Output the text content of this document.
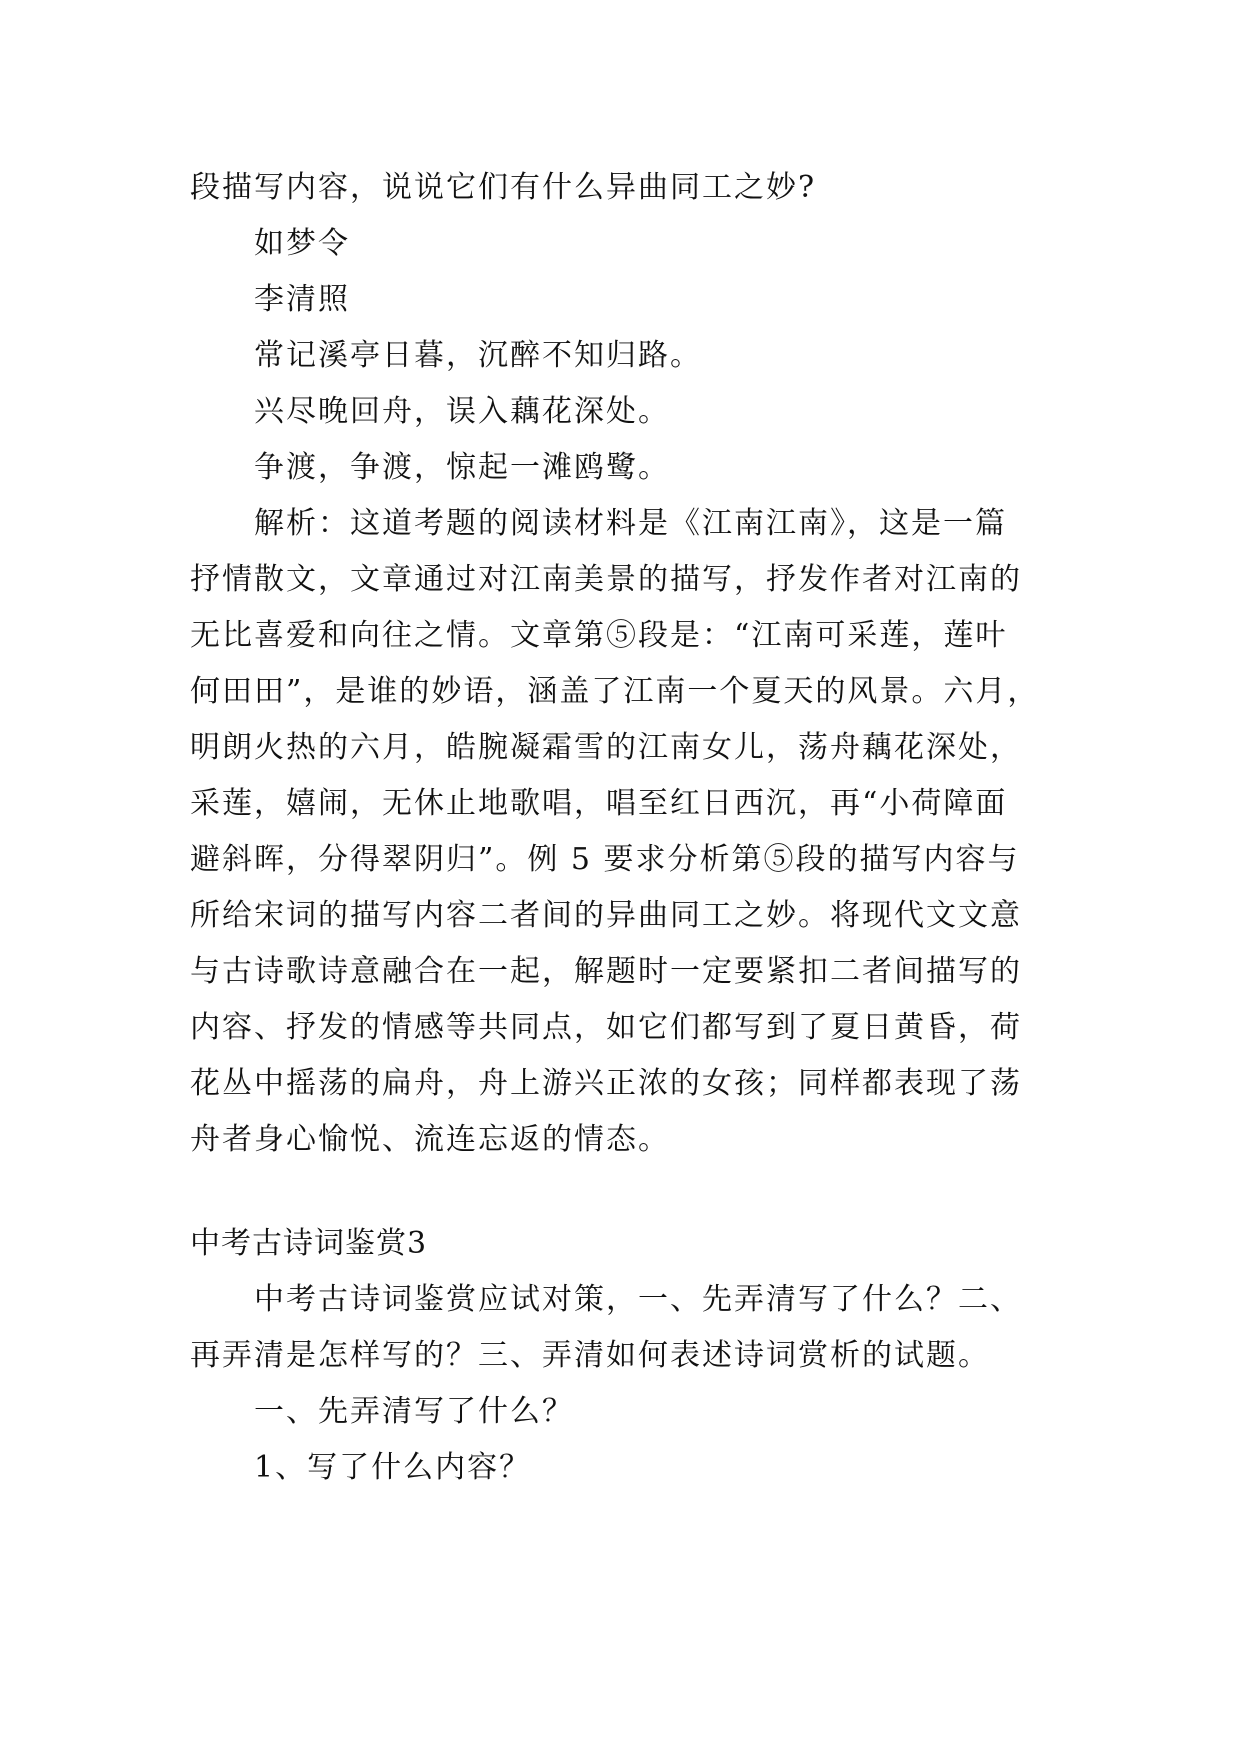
段描写内容，说说它们有什么异曲同工之妙?
如梦令
李清照
常记溪亭日暮，沉醉不知归路。
兴尽晚回舟，误入藕花深处。
争渡，争渡，惊起一滩鸥鹭。
解析：这道考题的阅读材料是《江南江南》，这是一篇
抒情散文，文章通过对江南美景的描写，抒发作者对江南的
无比喜爱和向往之情。文章第⑤段是：“江南可采莲，莲叶
何田田”，是谁的妙语，涵盖了江南一个夏天的风景。六月，
明朗火热的六月，皓腕凝霜雪的江南女儿，荡舟藕花深处，
采莲，嬉闹，无休止地歌唱，唱至红日西沉，再“小荷障面
避斜晖，分得翠阴归”。例 5 要求分析第⑤段的描写内容与
所给宋词的描写内容二者间的异曲同工之妙。将现代文文意
与古诗歌诗意融合在一起，解题时一定要紧扣二者间描写的
内容、抒发的情感等共同点，如它们都写到了夏日黄昏，荷
花丛中摇荡的扁舟，舟上游兴正浓的女孩；同样都表现了荡
舟者身心愉悦、流连忘返的情态。
中考古诗词鉴赏3
中考古诗词鉴赏应试对策，一、先弄清写了什么？二、
再弄清是怎样写的？三、弄清如何表述诗词赏析的试题。
一、先弄清写了什么？
1、写了什么内容？
